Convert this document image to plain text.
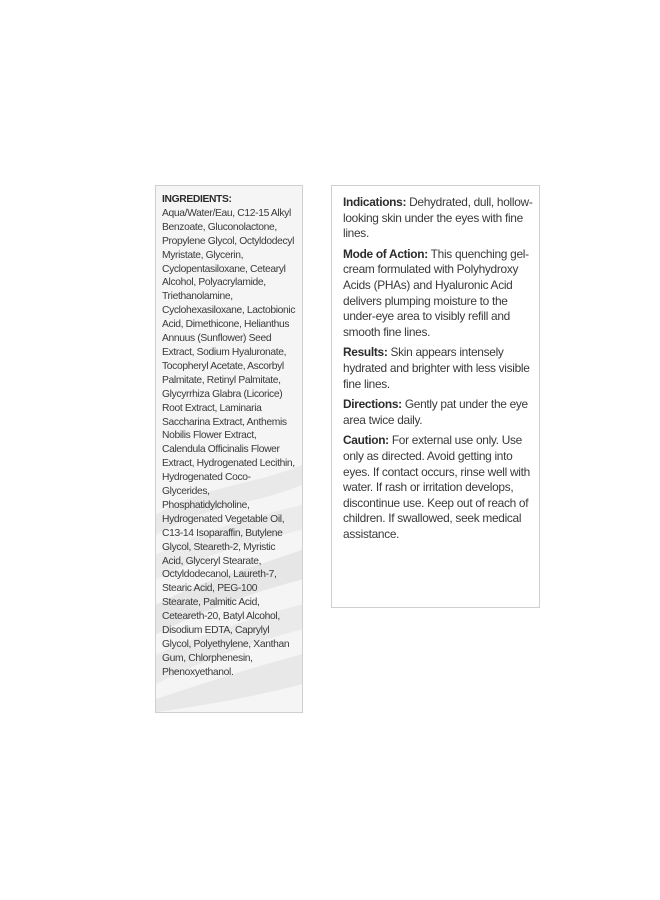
INGREDIENTS: Aqua/Water/Eau, C12-15 Alkyl Benzoate, Gluconolactone, Propylene Glycol, Octyldodecyl Myristate, Glycerin, Cyclopentasiloxane, Cetearyl Alcohol, Polyacrylamide, Triethanolamine, Cyclohexasiloxane, Lactobionic Acid, Dimethicone, Helianthus Annuus (Sunflower) Seed Extract, Sodium Hyaluronate, Tocopheryl Acetate, Ascorbyl Palmitate, Retinyl Palmitate, Glycyrrhiza Glabra (Licorice) Root Extract, Laminaria Saccharina Extract, Anthemis Nobilis Flower Extract, Calendula Officinalis Flower Extract, Hydrogenated Lecithin, Hydrogenated Coco-Glycerides, Phosphatidylcholine, Hydrogenated Vegetable Oil, C13-14 Isoparaffin, Butylene Glycol, Steareth-2, Myristic Acid, Glyceryl Stearate, Octyldodecanol, Laureth-7, Stearic Acid, PEG-100 Stearate, Palmitic Acid, Ceteareth-20, Batyl Alcohol, Disodium EDTA, Caprylyl Glycol, Polyethylene, Xanthan Gum, Chlorphenesin, Phenoxyethanol.

Indications: Dehydrated, dull, hollow-looking skin under the eyes with fine lines.

Mode of Action: This quenching gel-cream formulated with Polyhydroxy Acids (PHAs) and Hyaluronic Acid delivers plumping moisture to the under-eye area to visibly refill and smooth fine lines.

Results: Skin appears intensely hydrated and brighter with less visible fine lines.

Directions: Gently pat under the eye area twice daily.

Caution: For external use only. Use only as directed. Avoid getting into eyes. If contact occurs, rinse well with water. If rash or irritation develops, discontinue use. Keep out of reach of children. If swallowed, seek medical assistance.
